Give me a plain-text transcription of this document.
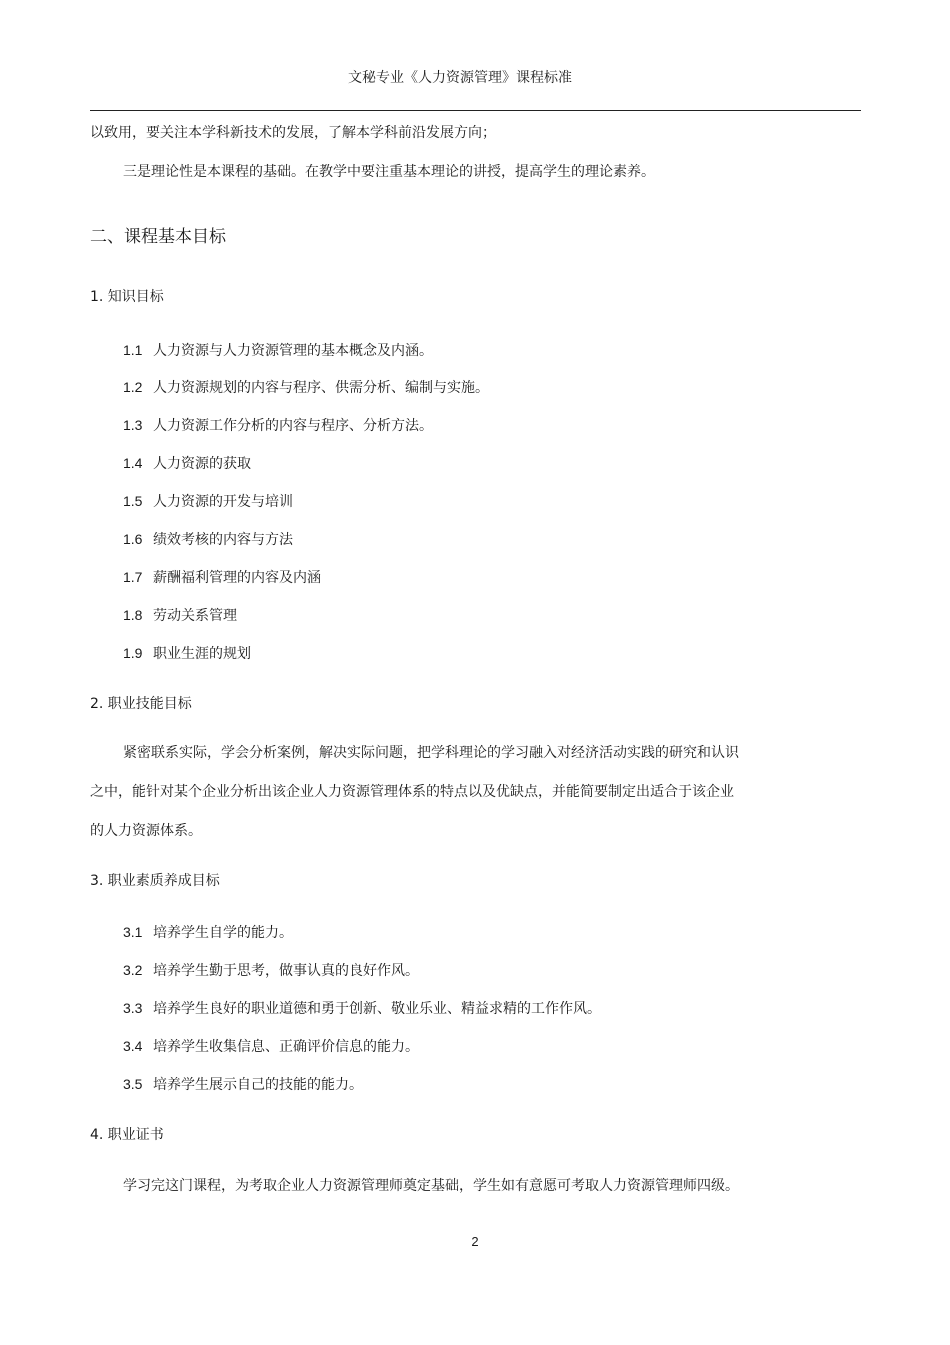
文秘专业《人力资源管理》课程标准
以致用，要关注本学科新技术的发展，了解本学科前沿发展方向；
三是理论性是本课程的基础。在教学中要注重基本理论的讲授，提高学生的理论素养。
二、课程基本目标
1. 知识目标
1.1 人力资源与人力资源管理的基本概念及内涵。
1.2 人力资源规划的内容与程序、供需分析、编制与实施。
1.3 人力资源工作分析的内容与程序、分析方法。
1.4 人力资源的获取
1.5 人力资源的开发与培训
1.6 绩效考核的内容与方法
1.7 薪酬福利管理的内容及内涵
1.8 劳动关系管理
1.9 职业生涯的规划
2. 职业技能目标
紧密联系实际，学会分析案例，解决实际问题，把学科理论的学习融入对经济活动实践的研究和认识
之中，能针对某个企业分析出该企业人力资源管理体系的特点以及优缺点，并能简要制定出适合于该企业
的人力资源体系。
3. 职业素质养成目标
3.1 培养学生自学的能力。
3.2 培养学生勤于思考，做事认真的良好作风。
3.3 培养学生良好的职业道德和勇于创新、敬业乐业、精益求精的工作作风。
3.4 培养学生收集信息、正确评价信息的能力。
3.5 培养学生展示自己的技能的能力。
4. 职业证书
学习完这门课程，为考取企业人力资源管理师奠定基础，学生如有意愿可考取人力资源管理师四级。
2
